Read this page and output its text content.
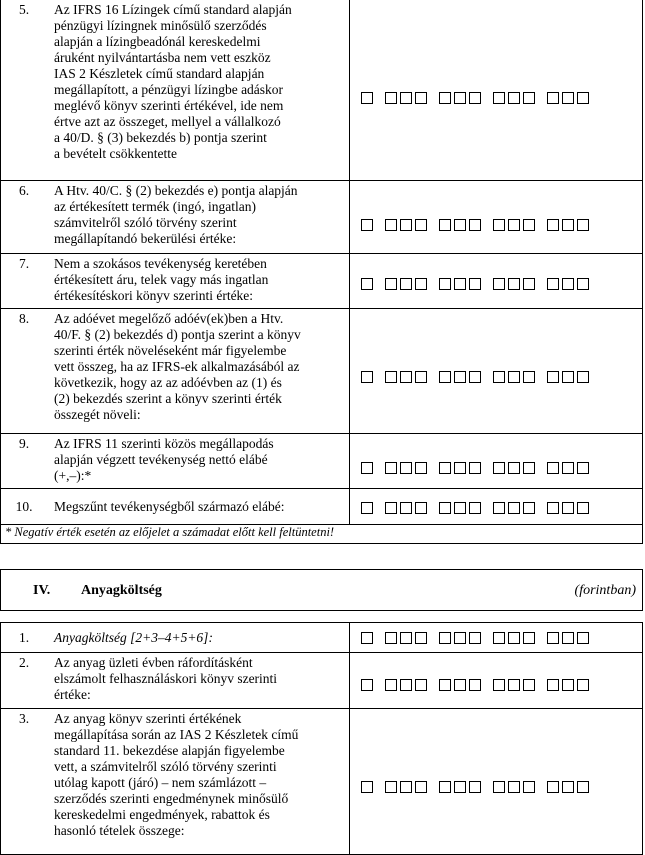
5.	Az IFRS 16 Lízingek című standard alapján
pénzügyi lízingnek minősülő szerződés
alapján a lízingbeadónál kereskedelmi
áruként nyilvántartásba nem vett eszköz
IAS 2 Készletek című standard alapján
megállapított, a pénzügyi lízingbe adáskor
meglévő könyv szerinti értékével, ide nem
értve azt az összeget, mellyel a vállalkozó
a 40/D. § (3) bekezdés b) pontja szerint
a bevételt csökkentette
6.	A Htv. 40/C. § (2) bekezdés e) pontja alapján
az értékesített termék (ingó, ingatlan)
számvitelről szóló törvény szerint
megállapítandó bekerülési értéke:
7.	Nem a szokásos tevékenység keretében
értékesített áru, telek vagy más ingatlan
értékesítéskori könyv szerinti értéke:
8.	Az adóévet megelőző adóév(ek)ben a Htv.
40/F. § (2) bekezdés d) pontja szerint a könyv
szerinti érték növeléseként már figyelembe
vett összeg, ha az IFRS-ek alkalmazásából az
következik, hogy az az adóévben az (1) és
(2) bekezdés szerint a könyv szerinti érték
összegét növeli:
9.	Az IFRS 11 szerinti közös megállapodás
alapján végzett tevékenység nettó elábé
(+,–):*
10.	Megszűnt tevékenységből származó elábé:
* Negatív érték esetén az előjelet a számadat előtt kell feltüntetni!
IV. Anyagköltség	(forintban)
1.	Anyagköltség [2+3–4+5+6]:
2.	Az anyag üzleti évben ráfordításként
elszámolt felhasználáskori könyv szerinti
értéke:
3.	Az anyag könyv szerinti értékének
megállapítása során az IAS 2 Készletek című
standard 11. bekezdése alapján figyelembe
vett, a számvitelről szóló törvény szerinti
utólag kapott (járó) – nem számlázott –
szerződés szerinti engedménynek minősülő
kereskedelmi engedmények, rabattok és
hasonló tételek összege:
